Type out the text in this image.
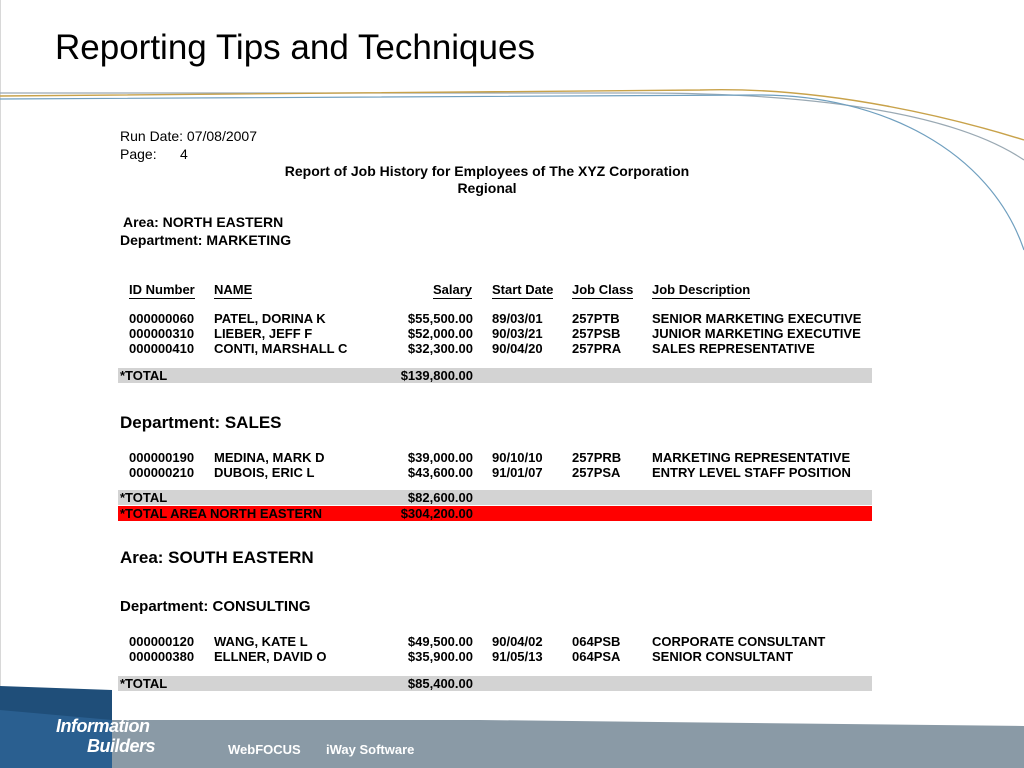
Reporting Tips and Techniques
Run Date: 07/08/2007
Page: 4
Report of Job History for Employees of The XYZ Corporation
Regional
Area: NORTH EASTERN
Department: MARKETING
ID Number NAME	Salary Start Date Job Class Job Description
000000060 PATEL, DORINA K	$55,500.00 89/03/01 257PTB SENIOR MARKETING EXECUTIVE
000000310 LIEBER, JEFF F	$52,000.00 90/03/21 257PSB JUNIOR MARKETING EXECUTIVE
000000410 CONTI, MARSHALL C	$32,300.00 90/04/20 257PRA SALES REPRESENTATIVE
*TOTAL	$139,800.00
Department: SALES
000000190 MEDINA, MARK D	$39,000.00 90/10/10 257PRB MARKETING REPRESENTATIVE
000000210 DUBOIS, ERIC L	$43,600.00 91/01/07 257PSA ENTRY LEVEL STAFF POSITION
*TOTAL	$82,600.00
*TOTAL AREA NORTH EASTERN	$304,200.00
Area: SOUTH EASTERN
Department: CONSULTING
000000120 WANG, KATE L	$49,500.00 90/04/02 064PSB CORPORATE CONSULTANT
000000380 ELLNER, DAVID O	$35,900.00 91/05/13 064PSA SENIOR CONSULTANT
*TOTAL	$85,400.00
Information
Builders	WebFOCUS iWay Software
